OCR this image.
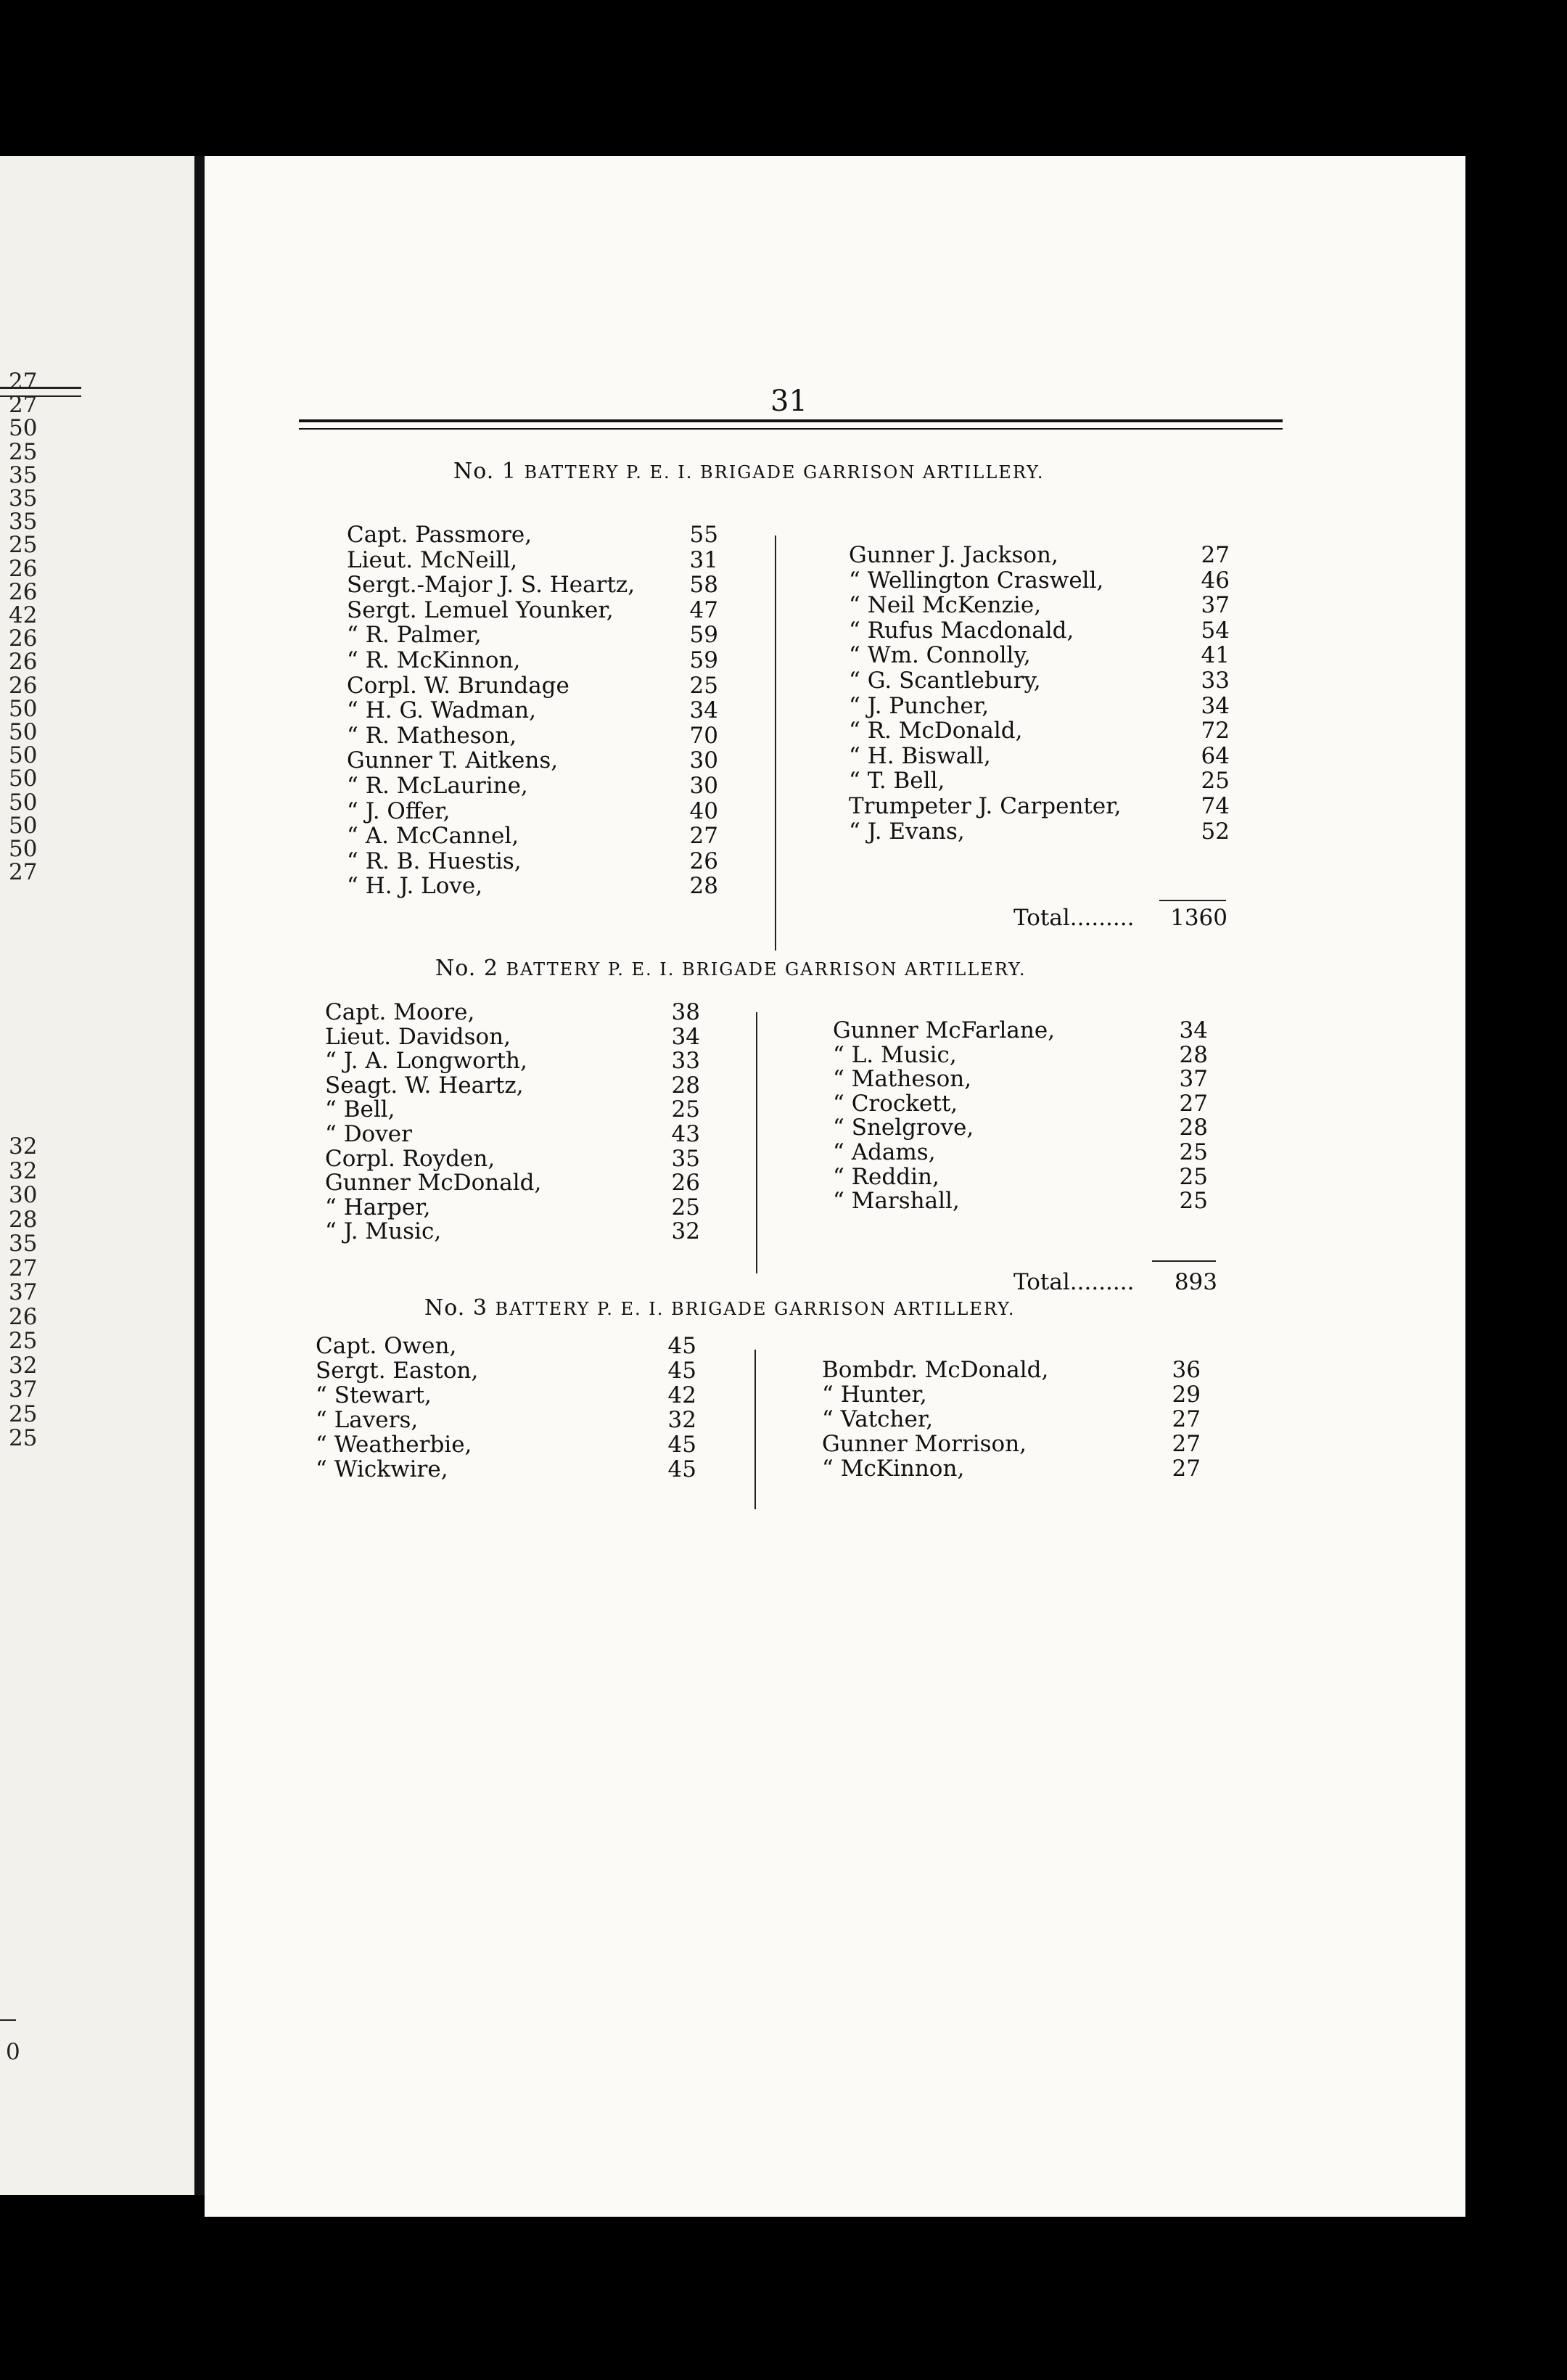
27
27
50
25
35
35
35
25
26
26
42
26
26
26
50
50
50
50
50
50
50
27
32
32
30
28
35
27
37
26
25
32
37
25
25
0
31
No. 1 BATTERY P. E. I. BRIGADE GARRISON ARTILLERY.
No. 2 BATTERY P. E. I. BRIGADE GARRISON ARTILLERY.
No. 3 BATTERY P. E. I. BRIGADE GARRISON ARTILLERY.
Total......... 1360
Total.........	893
Capt. Passmore,	55
Lieut. McNeill,	31
Sergt.-Major J. S. Heartz,	58
Sergt. Lemuel Younker,	47
“ R. Palmer,	59
“ R. McKinnon,	59
Corpl. W. Brundage	25
“ H. G. Wadman,	34
“ R. Matheson,	70
Gunner T. Aitkens,	30
“ R. McLaurine,	30
“ J. Offer,	40
“ A. McCannel,	27
“ R. B. Huestis,	26
“ H. J. Love,	28
Gunner J. Jackson,	27
“ Wellington Craswell,	46
“ Neil McKenzie,	37
“ Rufus Macdonald,	54
“ Wm. Connolly,	41
“ G. Scantlebury,	33
“ J. Puncher,	34
“ R. McDonald,	72
“ H. Biswall,	64
“ T. Bell,	25
Trumpeter J. Carpenter,	74
“ J. Evans,	52
Capt. Moore,	38
Lieut. Davidson,	34
“ J. A. Longworth,	33
Seagt. W. Heartz,	28
“ Bell,	25
“ Dover	43
Corpl. Royden,	35
Gunner McDonald,	26
“ Harper,	25
“ J. Music,	32
Gunner McFarlane,	34
“ L. Music,	28
“ Matheson,	37
“ Crockett,	27
“ Snelgrove,	28
“ Adams,	25
“ Reddin,	25
“ Marshall,	25
Capt. Owen,	45
Sergt. Easton,	45
“ Stewart,	42
“ Lavers,	32
“ Weatherbie,	45
“ Wickwire,	45
Bombdr. McDonald,	36
“ Hunter,	29
“ Vatcher,	27
Gunner Morrison,	27
“ McKinnon,	27
